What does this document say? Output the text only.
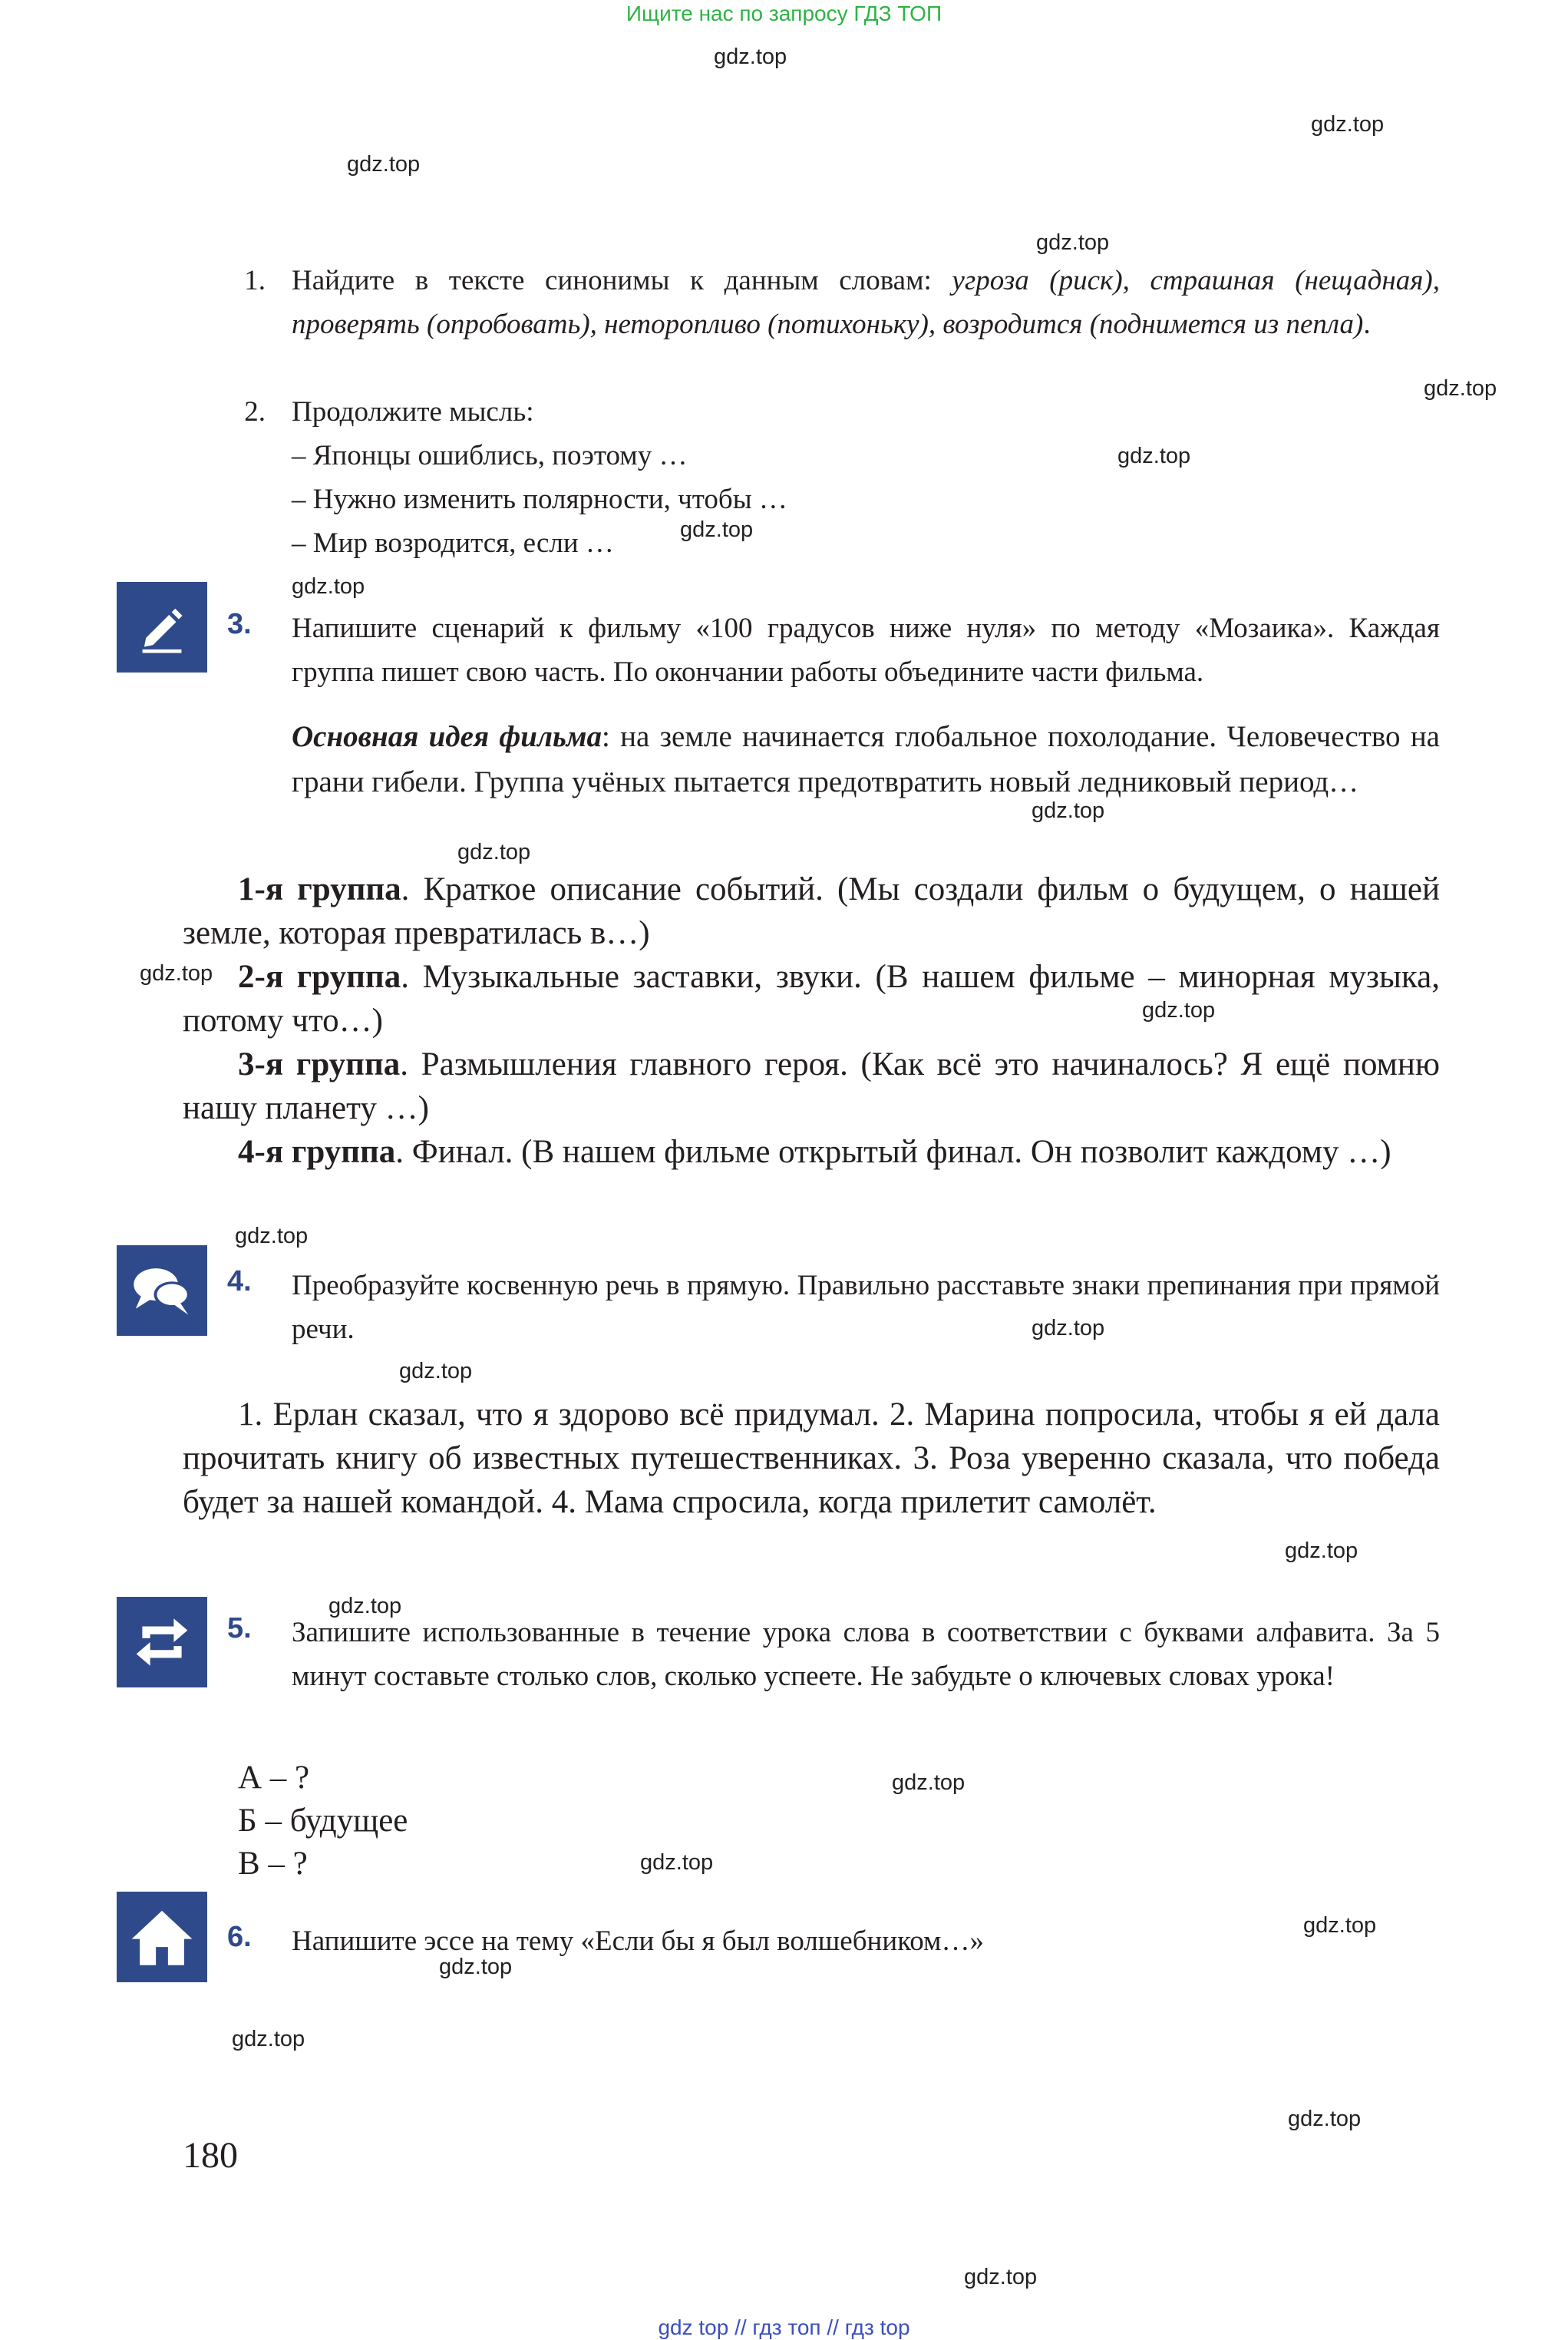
Ищите нас по запросу ГДЗ ТОП
gdz.top
gdz.top
gdz.top
gdz.top
gdz.top
gdz.top
gdz.top
gdz.top
gdz.top
gdz.top
gdz.top
gdz.top
gdz.top
gdz.top
gdz.top
gdz.top
gdz.top
gdz.top
gdz.top
gdz.top
gdz.top
gdz.top
gdz.top
gdz.top
1. Найдите в тексте синонимы к данным словам: угроза (риск), страшная (нещадная), проверять (опробовать), неторопливо (потихоньку), возродится (поднимется из пепла).
2. Продолжите мысль:
– Японцы ошиблись, поэтому …
– Нужно изменить полярности, чтобы …
– Мир возродится, если …
3. Напишите сценарий к фильму «100 градусов ниже нуля» по методу «Мозаика». Каждая группа пишет свою часть. По окончании работы объедините части фильма.
Основная идея фильма: на земле начинается глобальное похолодание. Человечество на грани гибели. Группа учёных пытается предотвратить новый ледниковый период…
1-я группа. Краткое описание событий. (Мы создали фильм о будущем, о нашей земле, которая превратилась в…)
2-я группа. Музыкальные заставки, звуки. (В нашем фильме – минорная музыка, потому что…)
3-я группа. Размышления главного героя. (Как всё это начиналось? Я ещё помню нашу планету …)
4-я группа. Финал. (В нашем фильме открытый финал. Он позволит каждому …)
4. Преобразуйте косвенную речь в прямую. Правильно расставьте знаки препинания при прямой речи.
1. Ерлан сказал, что я здорово всё придумал. 2. Марина попросила, чтобы я ей дала прочитать книгу об известных путешественниках. 3. Роза уверенно сказала, что победа будет за нашей командой. 4. Мама спросила, когда прилетит самолёт.
5. Запишите использованные в течение урока слова в соответствии с буквами алфавита. За 5 минут составьте столько слов, сколько успеете. Не забудьте о ключевых словах урока!
А – ?
Б – будущее
В – ?
6. Напишите эссе на тему «Если бы я был волшебником…»
180
gdz top // гдз топ // гдз top
